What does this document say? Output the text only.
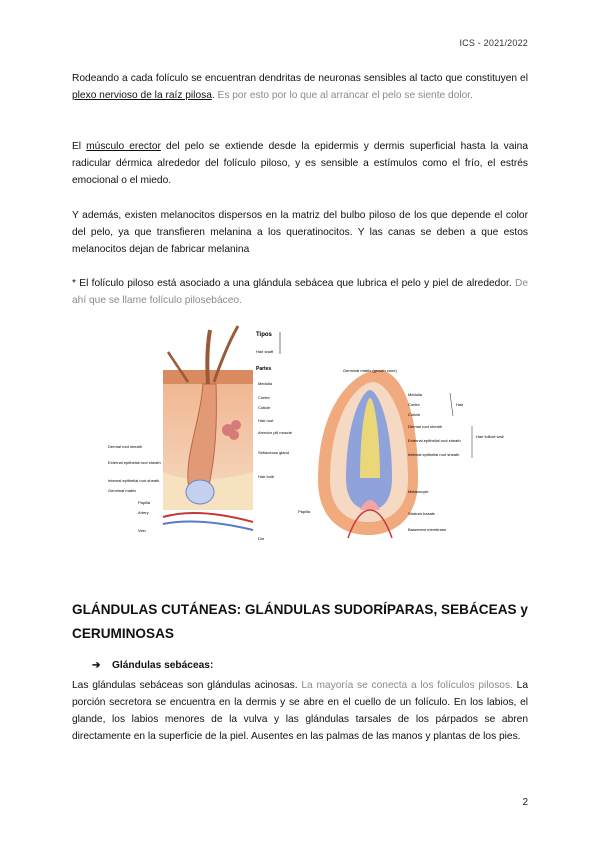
ICS - 2021/2022

Rodeando a cada folículo se encuentran dendritas de neuronas sensibles al tacto que constituyen el plexo nervioso de la raíz pilosa. Es por esto por lo que al arrancar el pelo se siente dolor.

El músculo erector del pelo se extiende desde la epidermis y dermis superficial hasta la vaina radicular dérmica alrededor del folículo piloso, y es sensible a estímulos como el frío, el estrés emocional o el miedo.

Y además, existen melanocitos dispersos en la matriz del bulbo piloso de los que depende el color del pelo, ya que transfieren melanina a los queratinocitos. Y las canas se deben a que estos melanocitos dejan de fabricar melanina

* El folículo piloso está asociado a una glándula sebácea que lubrica el pelo y piel de alrededor. De ahí que se llame folículo pilosebáceo.

Tipos
Hair shaft
Partes
Medulla
Cortex
Cuticle
Hair root
Arrector pili muscle
Sebaceous gland
Hair bulb
Dermal root sheath
External epithelial root sheath
Internal epithelial root sheath
Germinal matrix
Papilla
Artery
Vein
Dm
Germinal matrix (growth zone)
Medulla
Cortex
Cuticle
Dermal root sheath
External epithelial root sheath
Internal epithelial root sheath
Melanocyte
Stratum basale
Basement membrane
Hair
Hair follicle wall
Papilla
GLÁNDULAS CUTÁNEAS: GLÁNDULAS SUDORÍPARAS, SEBÁCEAS y CERUMINOSAS
➔ Glándulas sebáceas:

Las glándulas sebáceas son glándulas acinosas. La mayoría se conecta a los folículos pilosos. La porción secretora se encuentra en la dermis y se abre en el cuello de un folículo. En los labios, el glande, los labios menores de la vulva y las glándulas tarsales de los párpados se abren directamente en la superficie de la piel. Ausentes en las palmas de las manos y plantas de los pies.

2
